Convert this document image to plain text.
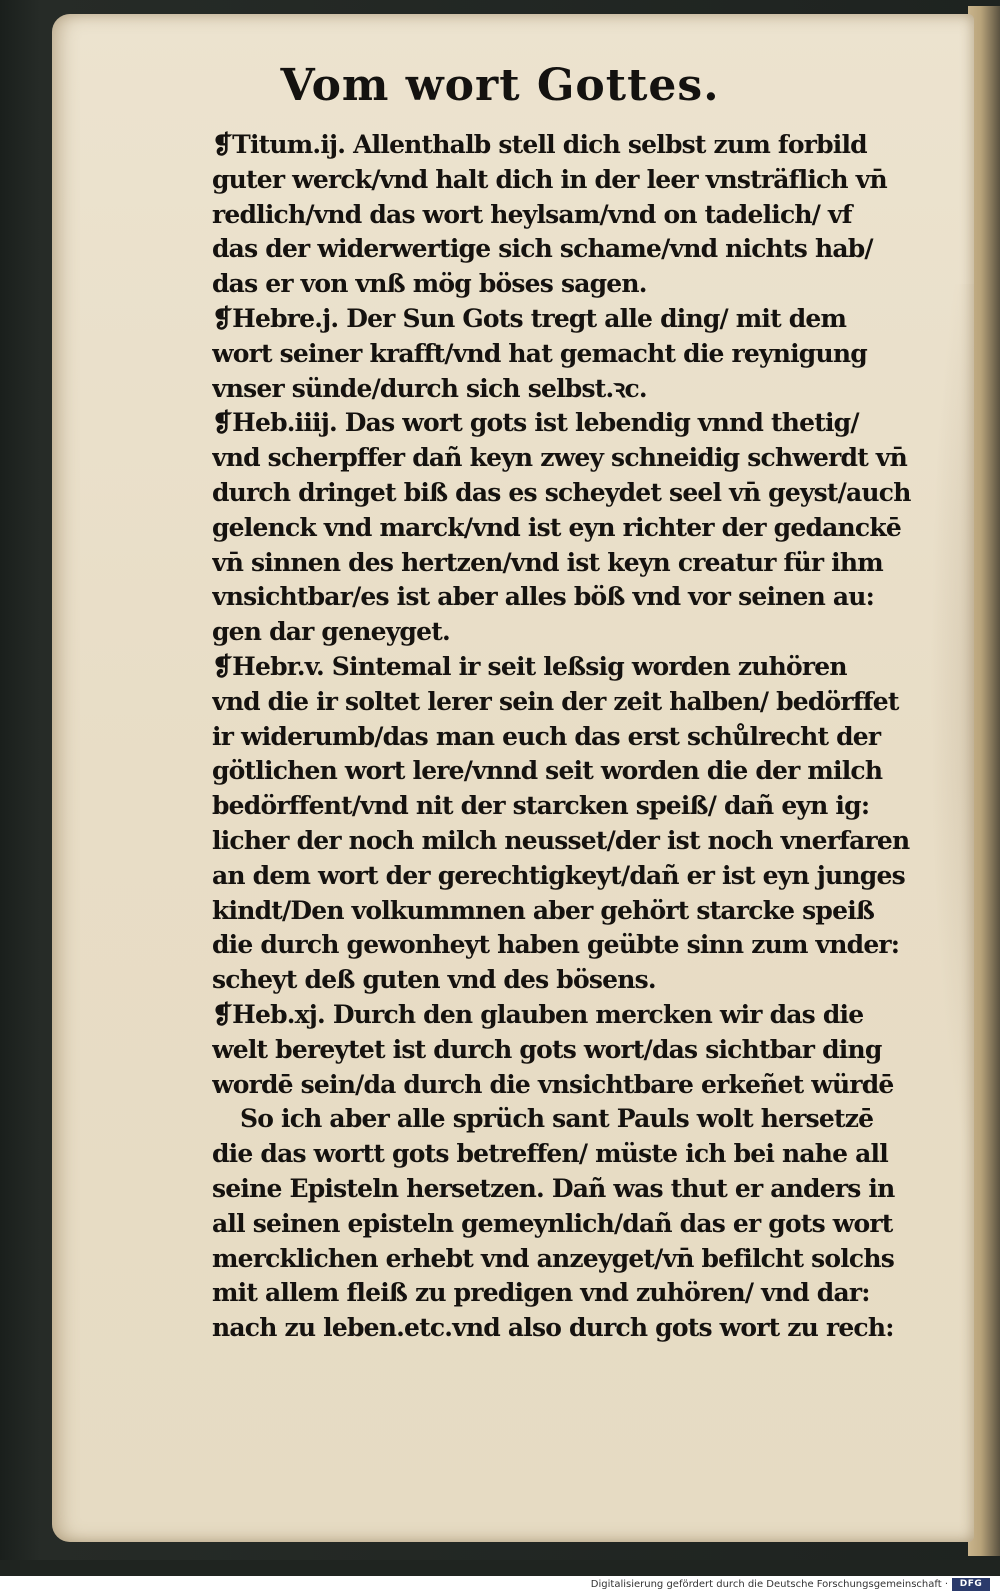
Vom wort Gottes.
❡Titum.ij. Allenthalb stell dich selbst zum forbild
guter werck/vnd halt dich in der leer vnsträflich vn̄
redlich/vnd das wort heylsam/vnd on tadelich/ vf
das der widerwertige sich schame/vnd nichts hab/
das er von vnß mög böses sagen.
❡Hebre.j. Der Sun Gots tregt alle ding/ mit dem
wort seiner krafft/vnd hat gemacht die reynigung
vnser sünde/durch sich selbst.ꝛc.
❡Heb.iiij. Das wort gots ist lebendig vnnd thetig/
vnd scherpffer dañ keyn zwey schneidig schwerdt vn̄
durch dringet biß das es scheydet seel vn̄ geyst/auch
gelenck vnd marck/vnd ist eyn richter der gedanckē
vn̄ sinnen des hertzen/vnd ist keyn creatur für ihm
vnsichtbar/es ist aber alles böß vnd vor seinen au:
gen dar geneyget.
❡Hebr.v. Sintemal ir seit leßsig worden zuhören
vnd die ir soltet lerer sein der zeit halben/ bedörffet
ir widerumb/das man euch das erst schůlrecht der
götlichen wort lere/vnnd seit worden die der milch
bedörffent/vnd nit der starcken speiß/ dañ eyn ig:
licher der noch milch neusset/der ist noch vnerfaren
an dem wort der gerechtigkeyt/dañ er ist eyn junges
kindt/Den volkummnen aber gehört starcke speiß
die durch gewonheyt haben geübte sinn zum vnder:
scheyt deß guten vnd des bösens.
❡Heb.xj. Durch den glauben mercken wir das die
welt bereytet ist durch gots wort/das sichtbar ding
wordē sein/da durch die vnsichtbare erkeñet würdē
So ich aber alle sprüch sant Pauls wolt hersetzē
die das wortt gots betreffen/ müste ich bei nahe all
seine Episteln hersetzen. Dañ was thut er anders in
all seinen episteln gemeynlich/dañ das er gots wort
mercklichen erhebt vnd anzeyget/vn̄ befilcht solchs
mit allem fleiß zu predigen vnd zuhören/ vnd dar:
nach zu leben.etc.vnd also durch gots wort zu rech:
Digitalisierung gefördert durch die Deutsche Forschungsgemeinschaft ·	DFG
